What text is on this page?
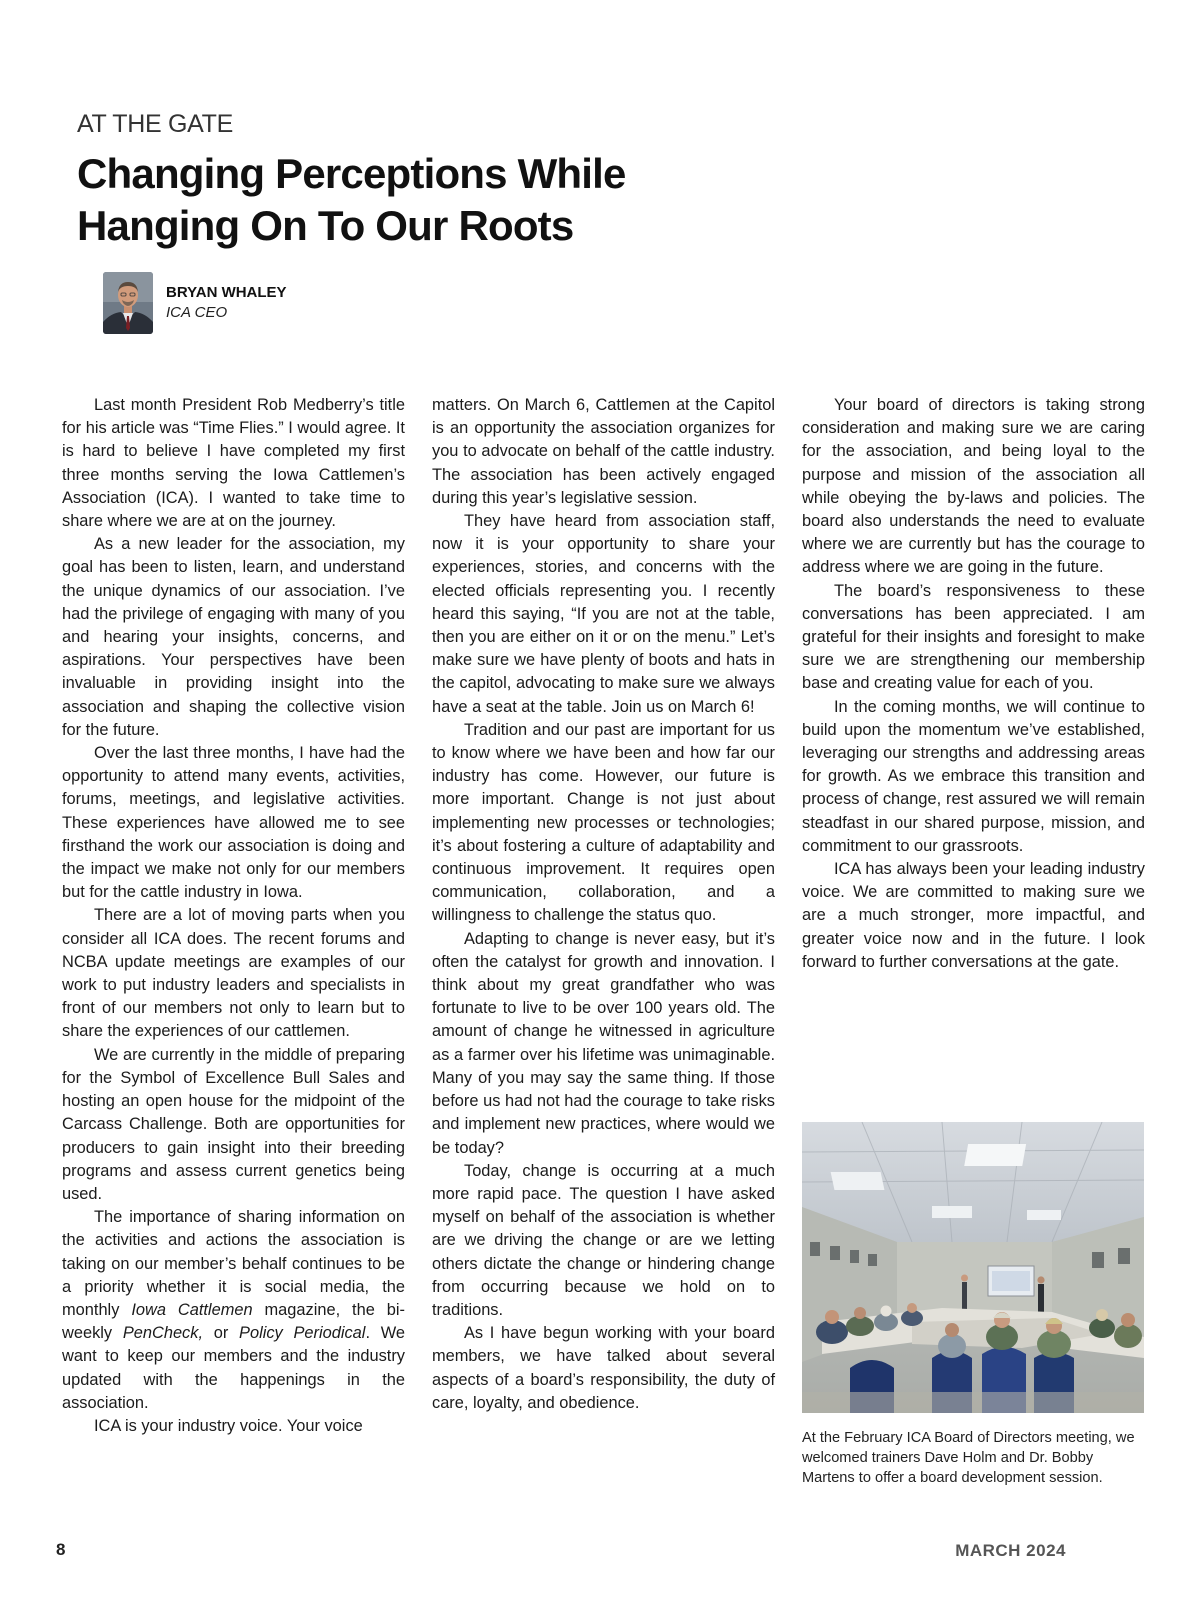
AT THE GATE
Changing Perceptions While
Hanging On To Our Roots
BRYAN WHALEY
ICA CEO

Last month President Rob Medberry’s title for his article was “Time Flies.” I would agree. It is hard to believe I have completed my first three months serving the Iowa Cattlemen’s Association (ICA). I wanted to take time to share where we are at on the journey.

As a new leader for the association, my goal has been to listen, learn, and understand the unique dynamics of our association. I’ve had the privilege of engaging with many of you and hearing your insights, concerns, and aspirations. Your perspectives have been invaluable in providing insight into the association and shaping the collective vision for the future.

Over the last three months, I have had the opportunity to attend many events, activities, forums, meetings, and legislative activities. These experiences have allowed me to see firsthand the work our association is doing and the impact we make not only for our members but for the cattle industry in Iowa.

There are a lot of moving parts when you consider all ICA does. The recent forums and NCBA update meetings are examples of our work to put industry leaders and specialists in front of our members not only to learn but to share the experiences of our cattlemen.

We are currently in the middle of preparing for the Symbol of Excellence Bull Sales and hosting an open house for the midpoint of the Carcass Challenge. Both are opportunities for producers to gain insight into their breeding programs and assess current genetics being used.

The importance of sharing information on the activities and actions the association is taking on our member’s behalf continues to be a priority whether it is social media, the monthly Iowa Cattlemen magazine, the bi-weekly PenCheck, or Policy Periodical. We want to keep our members and the industry updated with the happenings in the association.

ICA is your industry voice. Your voice

matters. On March 6, Cattlemen at the Capitol is an opportunity the association organizes for you to advocate on behalf of the cattle industry. The association has been actively engaged during this year’s legislative session.

They have heard from association staff, now it is your opportunity to share your experiences, stories, and concerns with the elected officials representing you. I recently heard this saying, “If you are not at the table, then you are either on it or on the menu.” Let’s make sure we have plenty of boots and hats in the capitol, advocating to make sure we always have a seat at the table. Join us on March 6!

Tradition and our past are important for us to know where we have been and how far our industry has come. However, our future is more important. Change is not just about implementing new processes or technologies; it’s about fostering a culture of adaptability and continuous improvement. It requires open communication, collaboration, and a willingness to challenge the status quo.

Adapting to change is never easy, but it’s often the catalyst for growth and innovation. I think about my great grandfather who was fortunate to live to be over 100 years old. The amount of change he witnessed in agriculture as a farmer over his lifetime was unimaginable. Many of you may say the same thing. If those before us had not had the courage to take risks and implement new practices, where would we be today?

Today, change is occurring at a much more rapid pace. The question I have asked myself on behalf of the association is whether are we driving the change or are we letting others dictate the change or hindering change from occurring because we hold on to traditions.

As I have begun working with your board members, we have talked about several aspects of a board’s responsibility, the duty of care, loyalty, and obedience.

Your board of directors is taking strong consideration and making sure we are caring for the association, and being loyal to the purpose and mission of the association all while obeying the by-laws and policies. The board also understands the need to evaluate where we are currently but has the courage to address where we are going in the future.

The board’s responsiveness to these conversations has been appreciated. I am grateful for their insights and foresight to make sure we are strengthening our membership base and creating value for each of you.

In the coming months, we will continue to build upon the momentum we’ve established, leveraging our strengths and addressing areas for growth. As we embrace this transition and process of change, rest assured we will remain steadfast in our shared purpose, mission, and commitment to our grassroots.

ICA has always been your leading industry voice. We are committed to making sure we are a much stronger, more impactful, and greater voice now and in the future. I look forward to further conversations at the gate.

At the February ICA Board of Directors meeting, we welcomed trainers Dave Holm and Dr. Bobby Martens to offer a board development session.
8	MARCH 2024
